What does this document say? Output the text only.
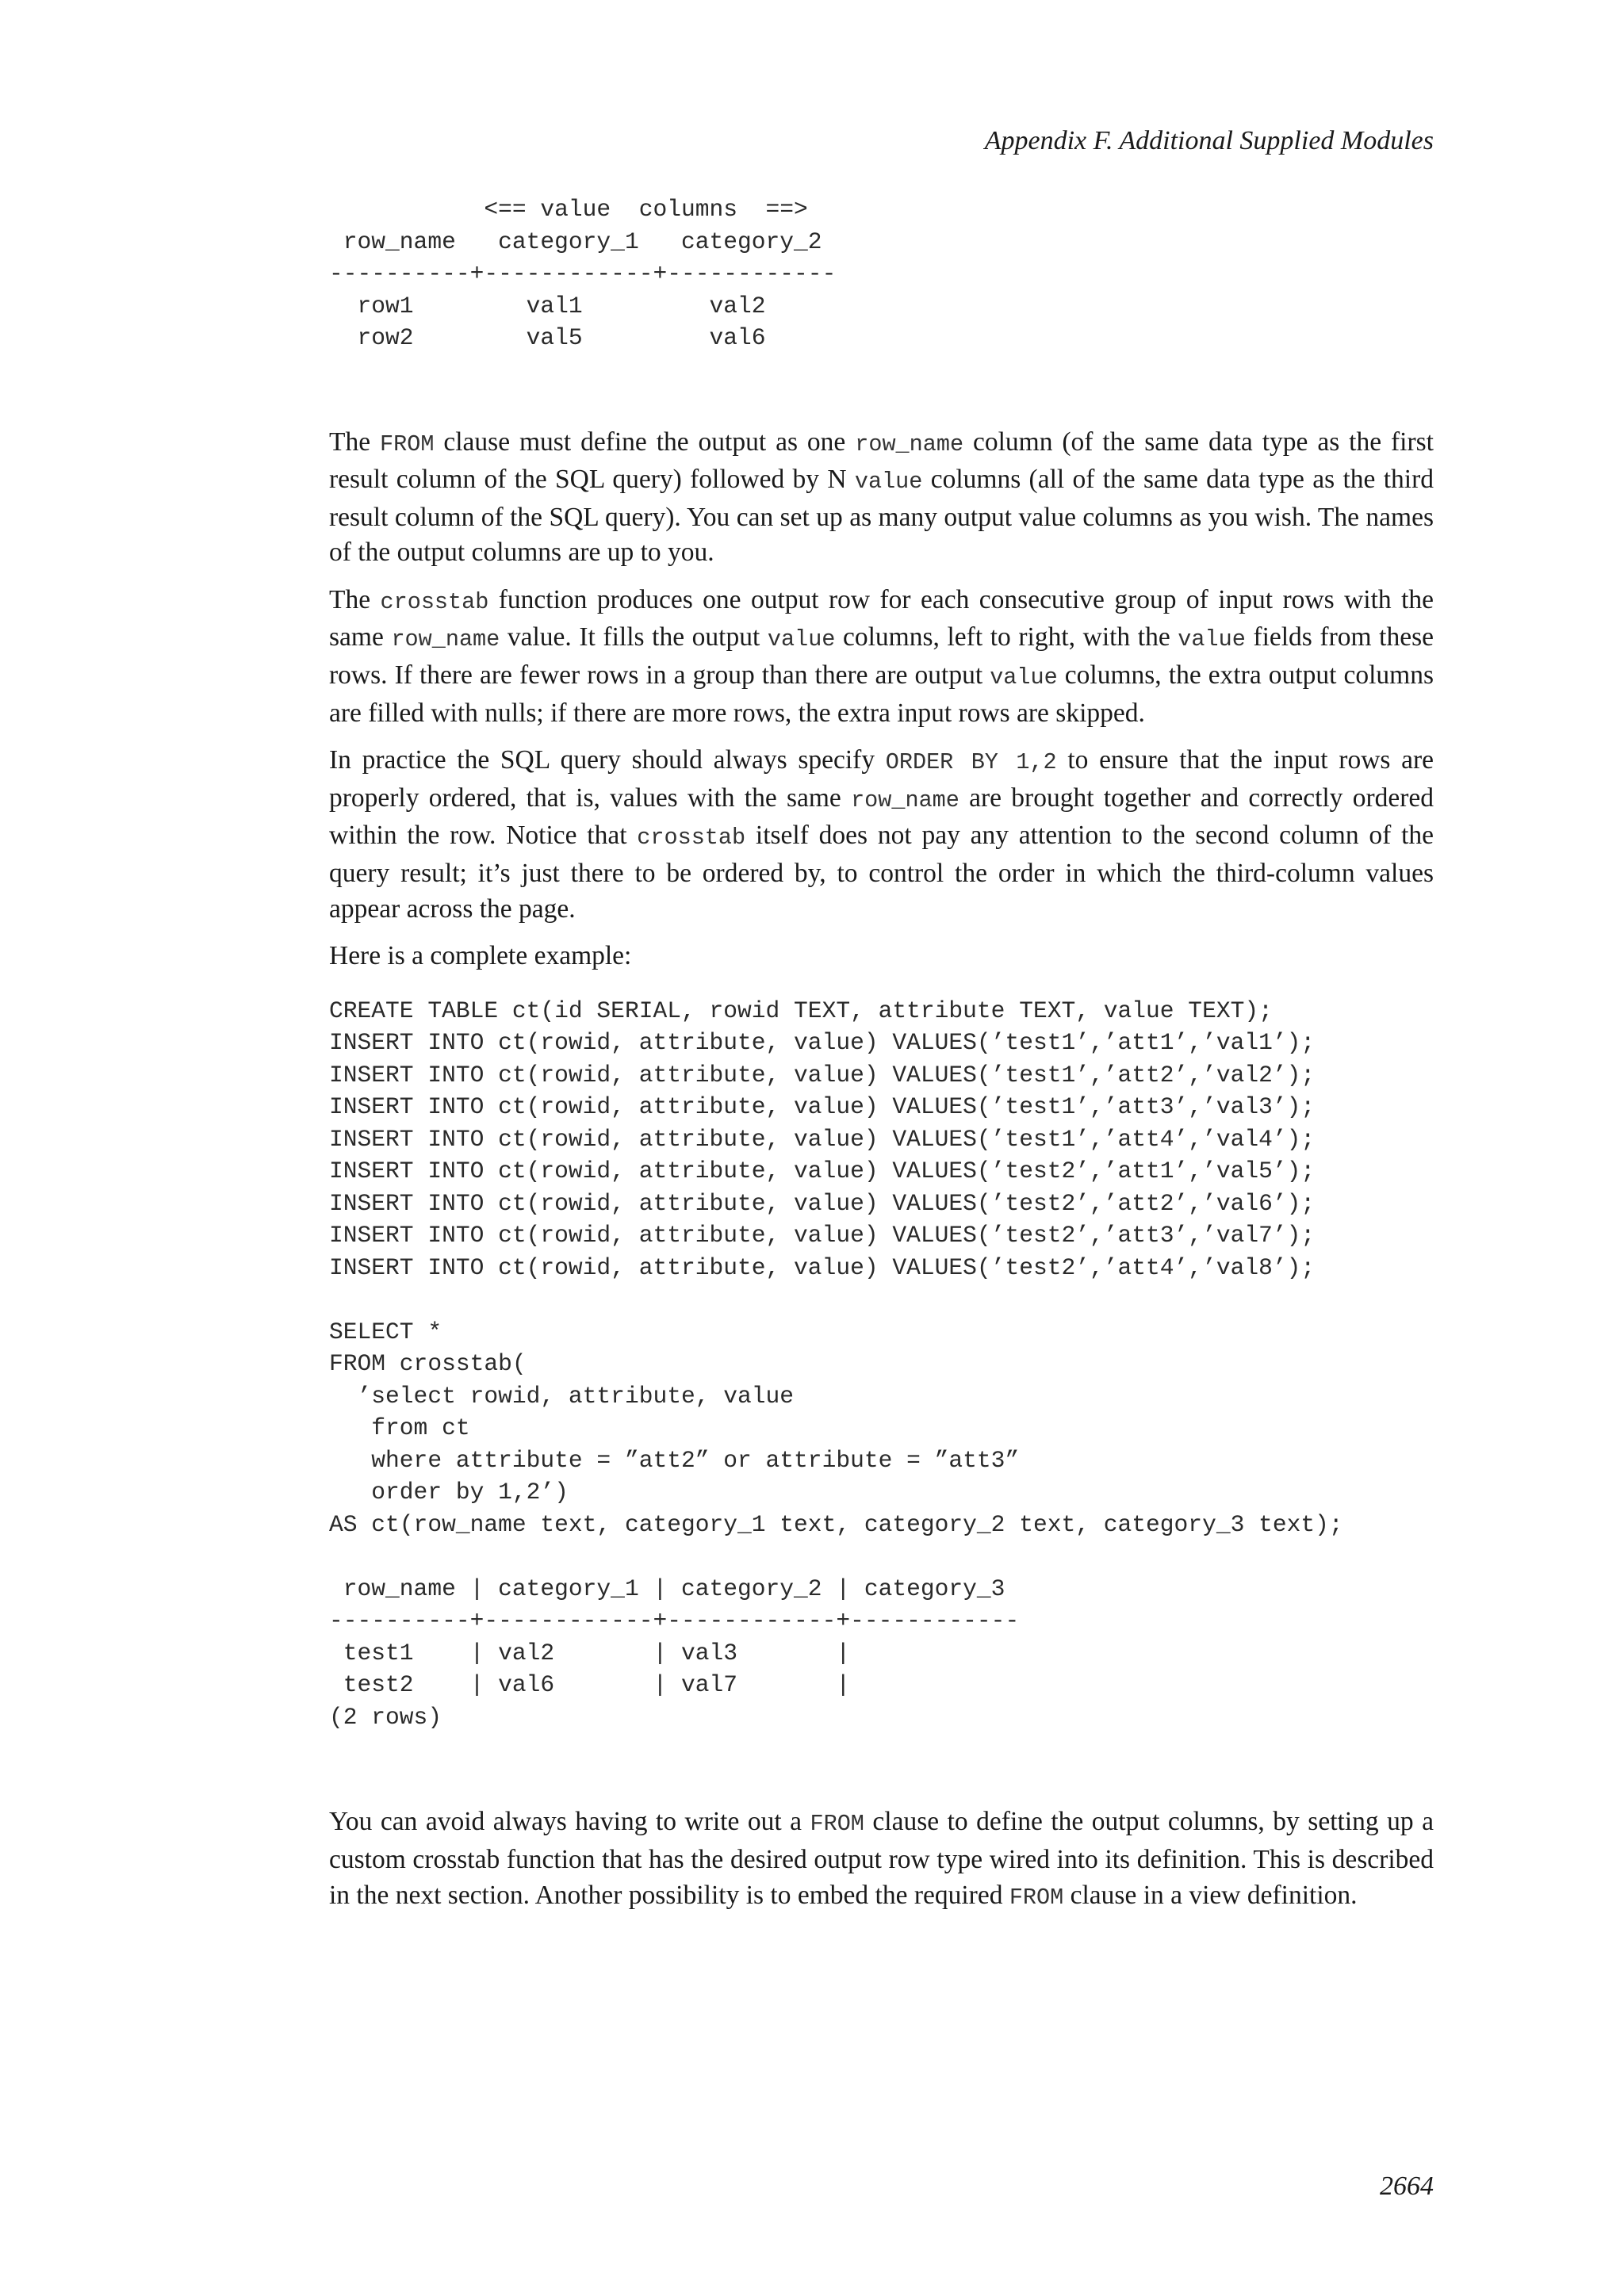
Appendix F. Additional Supplied Modules
<== value  columns  ==>
row_name   category_1   category_2
----------+------------+------------
row1        val1         val2
row2        val5         val6

The FROM clause must define the output as one row_name column (of the same data type as the first result column of the SQL query) followed by N value columns (all of the same data type as the third result column of the SQL query). You can set up as many output value columns as you wish. The names of the output columns are up to you.

The crosstab function produces one output row for each consecutive group of input rows with the same row_name value. It fills the output value columns, left to right, with the value fields from these rows. If there are fewer rows in a group than there are output value columns, the extra output columns are filled with nulls; if there are more rows, the extra input rows are skipped.

In practice the SQL query should always specify ORDER BY 1,2 to ensure that the input rows are properly ordered, that is, values with the same row_name are brought together and correctly ordered within the row. Notice that crosstab itself does not pay any attention to the second column of the query result; it’s just there to be ordered by, to control the order in which the third-column values appear across the page.

Here is a complete example:

CREATE TABLE ct(id SERIAL, rowid TEXT, attribute TEXT, value TEXT);
INSERT INTO ct(rowid, attribute, value) VALUES(’test1’,’att1’,’val1’);
INSERT INTO ct(rowid, attribute, value) VALUES(’test1’,’att2’,’val2’);
INSERT INTO ct(rowid, attribute, value) VALUES(’test1’,’att3’,’val3’);
INSERT INTO ct(rowid, attribute, value) VALUES(’test1’,’att4’,’val4’);
INSERT INTO ct(rowid, attribute, value) VALUES(’test2’,’att1’,’val5’);
INSERT INTO ct(rowid, attribute, value) VALUES(’test2’,’att2’,’val6’);
INSERT INTO ct(rowid, attribute, value) VALUES(’test2’,’att3’,’val7’);
INSERT INTO ct(rowid, attribute, value) VALUES(’test2’,’att4’,’val8’);

SELECT *
FROM crosstab(
’select rowid, attribute, value
from ct
where attribute = ”att2” or attribute = ”att3”
order by 1,2’)
AS ct(row_name text, category_1 text, category_2 text, category_3 text);

row_name | category_1 | category_2 | category_3
----------+------------+------------+------------
test1    | val2       | val3       |
test2    | val6       | val7       |
(2 rows)

You can avoid always having to write out a FROM clause to define the output columns, by setting up a custom crosstab function that has the desired output row type wired into its definition. This is described in the next section. Another possibility is to embed the required FROM clause in a view definition.

2664
